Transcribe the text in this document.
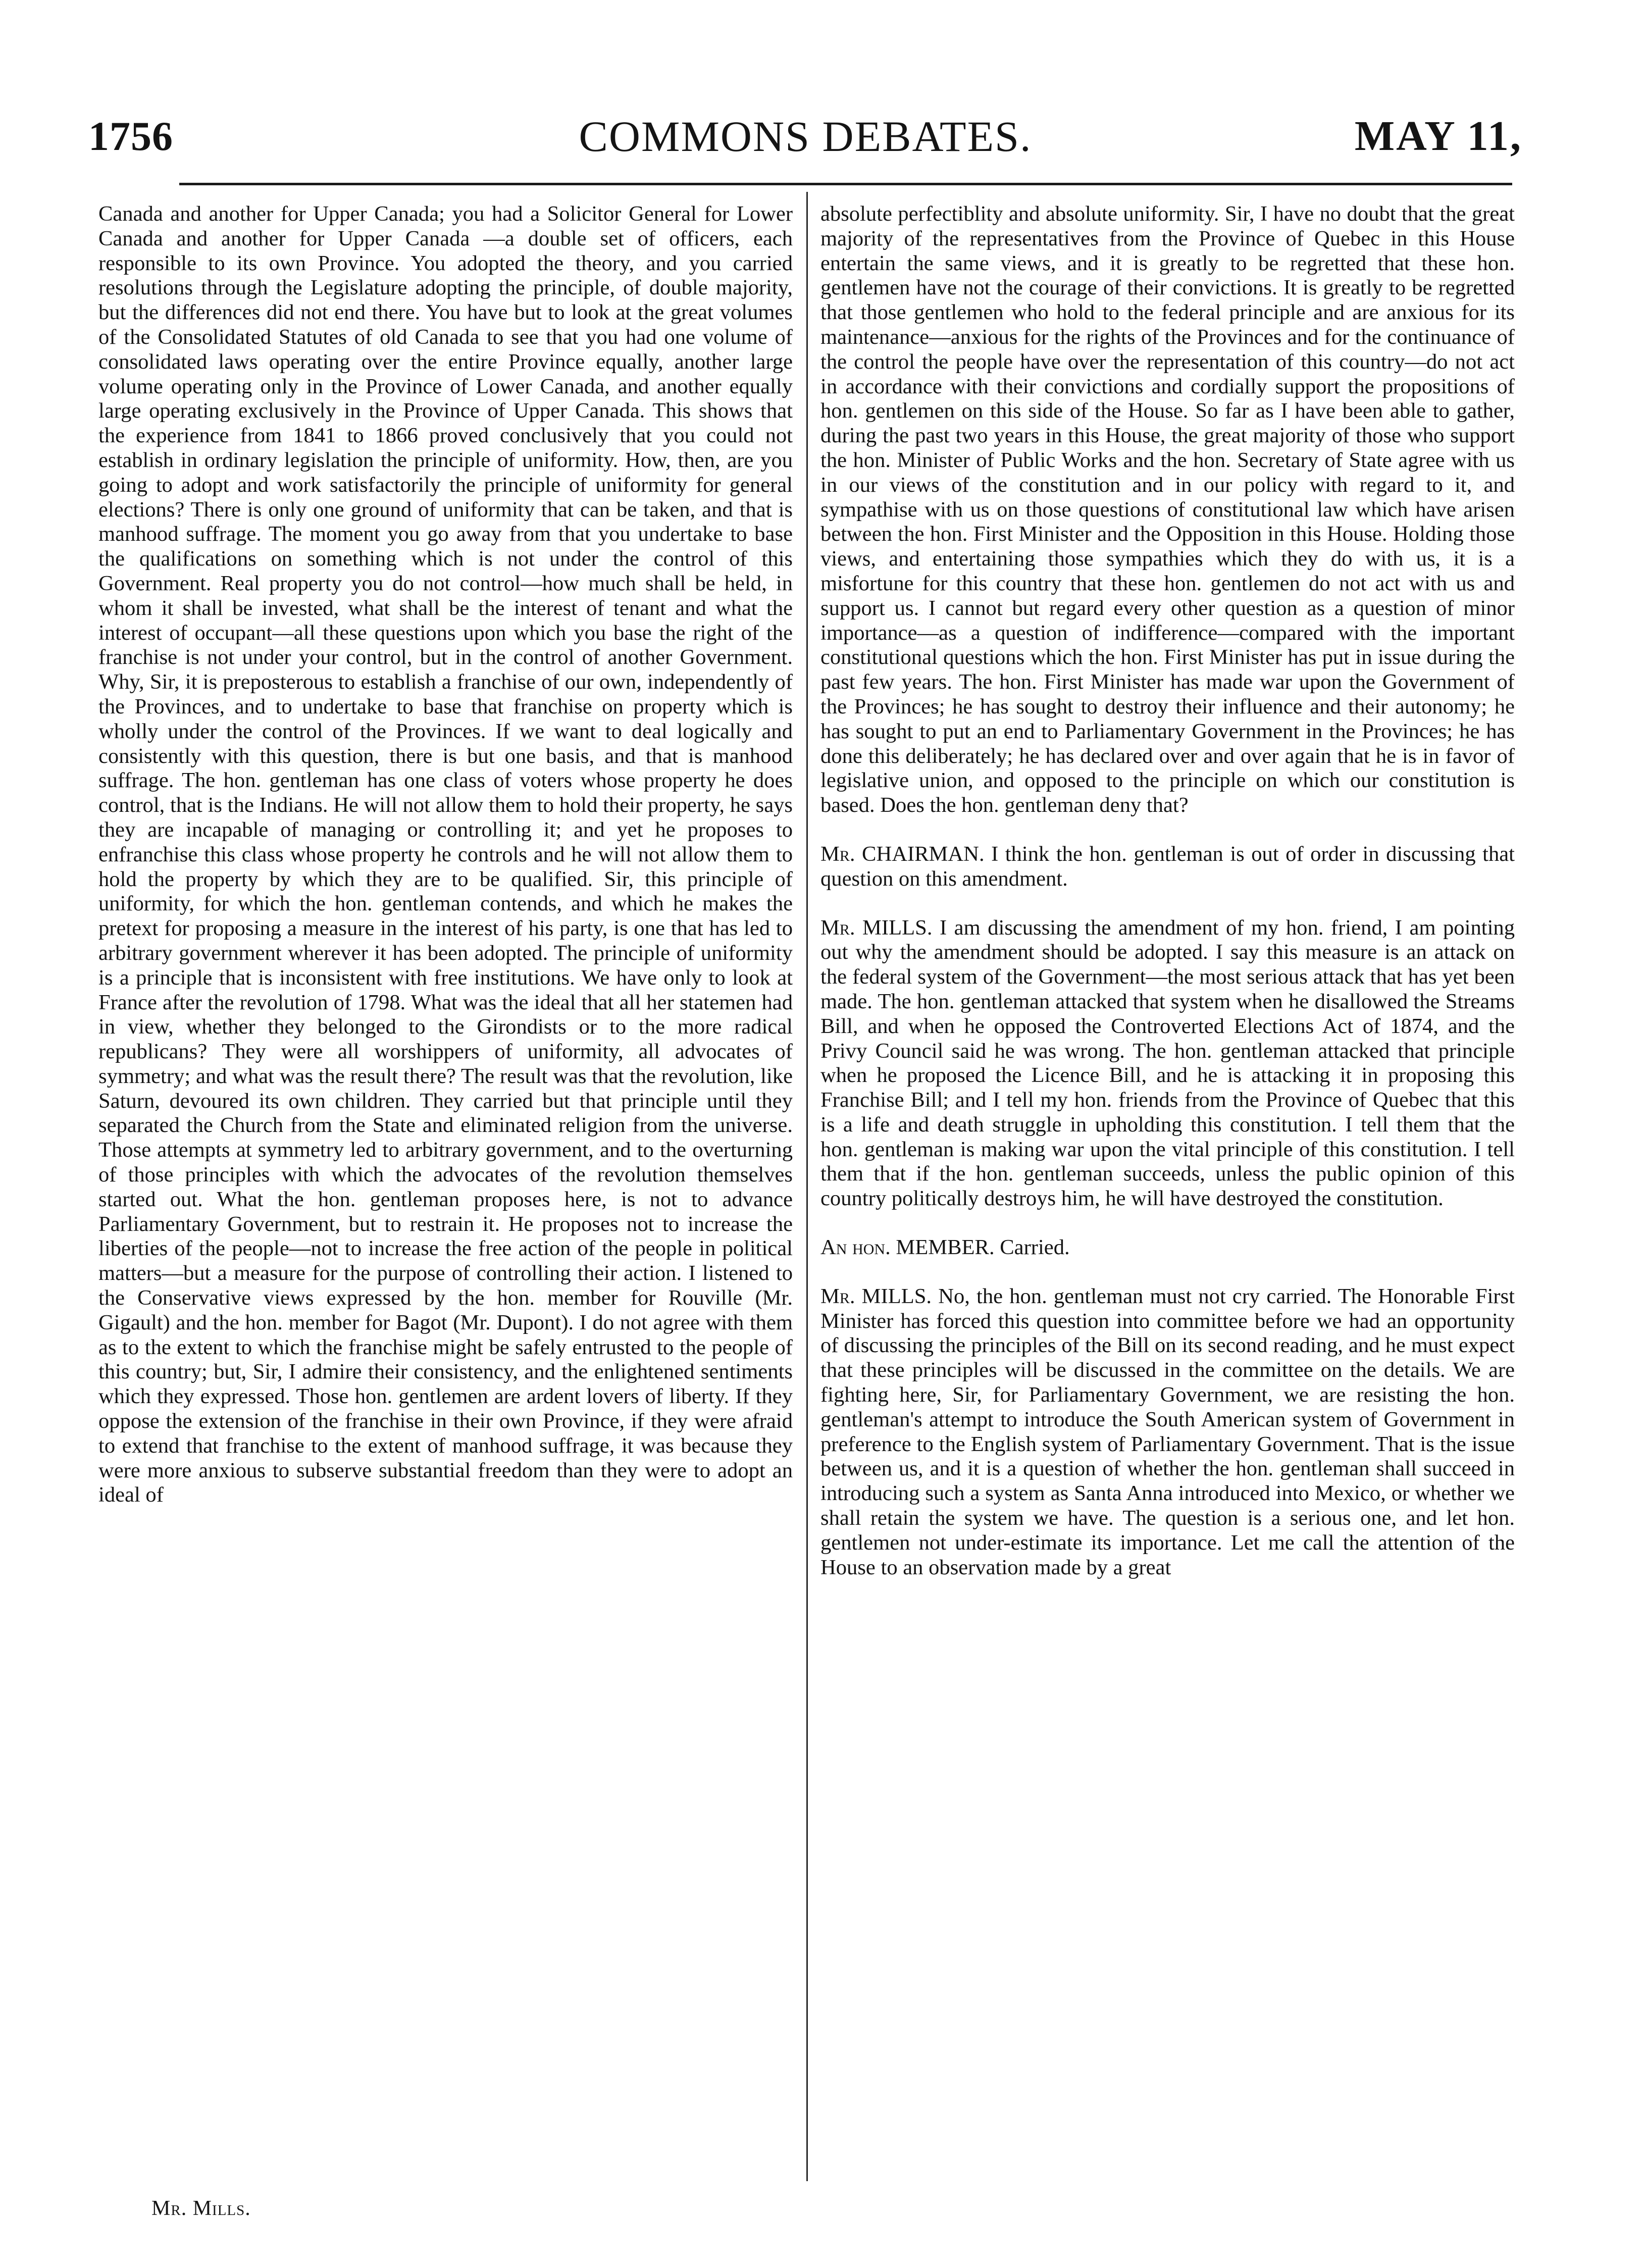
1756	COMMONS DEBATES.	MAY 11,

Canada and another for Upper Canada; you had a Solicitor General for Lower Canada and another for Upper Canada —a double set of officers, each responsible to its own Province. You adopted the theory, and you carried resolutions through the Legislature adopting the principle, of double majority, but the differences did not end there. You have but to look at the great volumes of the Consolidated Statutes of old Canada to see that you had one volume of consolidated laws operating over the entire Province equally, another large volume operating only in the Province of Lower Canada, and another equally large operating exclusively in the Province of Upper Canada. This shows that the experience from 1841 to 1866 proved conclusively that you could not establish in ordinary legislation the principle of uniformity. How, then, are you going to adopt and work satisfactorily the principle of uniformity for general elections? There is only one ground of uniformity that can be taken, and that is manhood suffrage. The moment you go away from that you undertake to base the qualifications on something which is not under the control of this Government. Real property you do not control—how much shall be held, in whom it shall be invested, what shall be the interest of tenant and what the interest of occupant—all these questions upon which you base the right of the franchise is not under your control, but in the control of another Government. Why, Sir, it is preposterous to establish a franchise of our own, independently of the Provinces, and to undertake to base that franchise on property which is wholly under the control of the Provinces. If we want to deal logically and consistently with this question, there is but one basis, and that is manhood suffrage. The hon. gentleman has one class of voters whose property he does control, that is the Indians. He will not allow them to hold their property, he says they are incapable of managing or controlling it; and yet he proposes to enfranchise this class whose property he controls and he will not allow them to hold the property by which they are to be qualified. Sir, this principle of uniformity, for which the hon. gentleman contends, and which he makes the pretext for proposing a measure in the interest of his party, is one that has led to arbitrary government wherever it has been adopted. The principle of uniformity is a principle that is inconsistent with free institutions. We have only to look at France after the revolution of 1798. What was the ideal that all her statemen had in view, whether they belonged to the Girondists or to the more radical republicans? They were all worshippers of uniformity, all advocates of symmetry; and what was the result there? The result was that the revolution, like Saturn, devoured its own children. They carried but that principle until they separated the Church from the State and eliminated religion from the universe. Those attempts at symmetry led to arbitrary government, and to the overturning of those principles with which the advocates of the revolution themselves started out. What the hon. gentleman proposes here, is not to advance Parliamentary Government, but to restrain it. He proposes not to increase the liberties of the people—not to increase the free action of the people in political matters—but a measure for the purpose of controlling their action. I listened to the Conservative views expressed by the hon. member for Rouville (Mr. Gigault) and the hon. member for Bagot (Mr. Dupont). I do not agree with them as to the extent to which the franchise might be safely entrusted to the people of this country; but, Sir, I admire their consistency, and the enlightened sentiments which they expressed. Those hon. gentlemen are ardent lovers of liberty. If they oppose the extension of the franchise in their own Province, if they were afraid to extend that franchise to the extent of manhood suffrage, it was because they were more anxious to subserve substantial freedom than they were to adopt an ideal of

absolute perfectiblity and absolute uniformity. Sir, I have no doubt that the great majority of the representatives from the Province of Quebec in this House entertain the same views, and it is greatly to be regretted that these hon. gentlemen have not the courage of their convictions. It is greatly to be regretted that those gentlemen who hold to the federal principle and are anxious for its maintenance—anxious for the rights of the Provinces and for the continuance of the control the people have over the representation of this country—do not act in accordance with their convictions and cordially support the propositions of hon. gentlemen on this side of the House. So far as I have been able to gather, during the past two years in this House, the great majority of those who support the hon. Minister of Public Works and the hon. Secretary of State agree with us in our views of the constitution and in our policy with regard to it, and sympathise with us on those questions of constitutional law which have arisen between the hon. First Minister and the Opposition in this House. Holding those views, and entertaining those sympathies which they do with us, it is a misfortune for this country that these hon. gentlemen do not act with us and support us. I cannot but regard every other question as a question of minor importance—as a question of indifference—compared with the important constitutional questions which the hon. First Minister has put in issue during the past few years. The hon. First Minister has made war upon the Government of the Provinces; he has sought to destroy their influence and their autonomy; he has sought to put an end to Parliamentary Government in the Provinces; he has done this deliberately; he has declared over and over again that he is in favor of legislative union, and opposed to the principle on which our constitution is based. Does the hon. gentleman deny that?

Mr. CHAIRMAN. I think the hon. gentleman is out of order in discussing that question on this amendment.

Mr. MILLS. I am discussing the amendment of my hon. friend, I am pointing out why the amendment should be adopted. I say this measure is an attack on the federal system of the Government—the most serious attack that has yet been made. The hon. gentleman attacked that system when he disallowed the Streams Bill, and when he opposed the Controverted Elections Act of 1874, and the Privy Council said he was wrong. The hon. gentleman attacked that principle when he proposed the Licence Bill, and he is attacking it in proposing this Franchise Bill; and I tell my hon. friends from the Province of Quebec that this is a life and death struggle in upholding this constitution. I tell them that the hon. gentleman is making war upon the vital principle of this constitution. I tell them that if the hon. gentleman succeeds, unless the public opinion of this country politically destroys him, he will have destroyed the constitution.

An hon. MEMBER. Carried.

Mr. MILLS. No, the hon. gentleman must not cry carried. The Honorable First Minister has forced this question into committee before we had an opportunity of discussing the principles of the Bill on its second reading, and he must expect that these principles will be discussed in the committee on the details. We are fighting here, Sir, for Parliamentary Government, we are resisting the hon. gentleman's attempt to introduce the South American system of Government in preference to the English system of Parliamentary Government. That is the issue between us, and it is a question of whether the hon. gentleman shall succeed in introducing such a system as Santa Anna introduced into Mexico, or whether we shall retain the system we have. The question is a serious one, and let hon. gentlemen not under-estimate its importance. Let me call the attention of the House to an observation made by a great

Mr. Mills.
